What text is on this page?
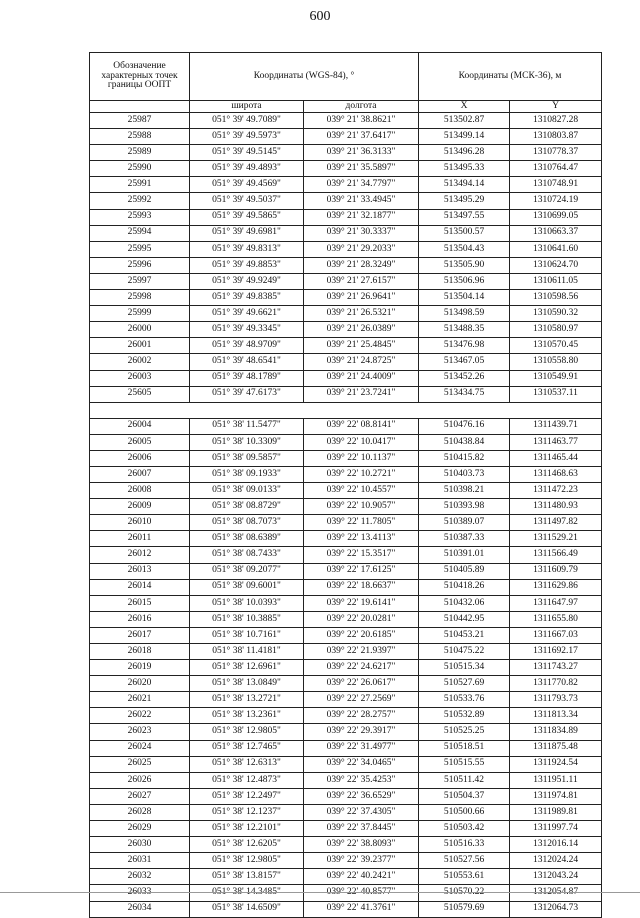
600
Обозначение характерных точек границы ООПТ	Координаты (WGS-84), °		Координаты (МСК-36), м	
	широта	долгота	X	Y
25987	051° 39' 49.7089"	039° 21' 38.8621"	513502.87	1310827.28
25988	051° 39' 49.5973"	039° 21' 37.6417"	513499.14	1310803.87
25989	051° 39' 49.5145"	039° 21' 36.3133"	513496.28	1310778.37
25990	051° 39' 49.4893"	039° 21' 35.5897"	513495.33	1310764.47
25991	051° 39' 49.4569"	039° 21' 34.7797"	513494.14	1310748.91
25992	051° 39' 49.5037"	039° 21' 33.4945"	513495.29	1310724.19
25993	051° 39' 49.5865"	039° 21' 32.1877"	513497.55	1310699.05
25994	051° 39' 49.6981"	039° 21' 30.3337"	513500.57	1310663.37
25995	051° 39' 49.8313"	039° 21' 29.2033"	513504.43	1310641.60
25996	051° 39' 49.8853"	039° 21' 28.3249"	513505.90	1310624.70
25997	051° 39' 49.9249"	039° 21' 27.6157"	513506.96	1310611.05
25998	051° 39' 49.8385"	039° 21' 26.9641"	513504.14	1310598.56
25999	051° 39' 49.6621"	039° 21' 26.5321"	513498.59	1310590.32
26000	051° 39' 49.3345"	039° 21' 26.0389"	513488.35	1310580.97
26001	051° 39' 48.9709"	039° 21' 25.4845"	513476.98	1310570.45
26002	051° 39' 48.6541"	039° 21' 24.8725"	513467.05	1310558.80
26003	051° 39' 48.1789"	039° 21' 24.4009"	513452.26	1310549.91
25605	051° 39' 47.6173"	039° 21' 23.7241"	513434.75	1310537.11

26004	051° 38' 11.5477"	039° 22' 08.8141"	510476.16	1311439.71
26005	051° 38' 10.3309"	039° 22' 10.0417"	510438.84	1311463.77
26006	051° 38' 09.5857"	039° 22' 10.1137"	510415.82	1311465.44
26007	051° 38' 09.1933"	039° 22' 10.2721"	510403.73	1311468.63
26008	051° 38' 09.0133"	039° 22' 10.4557"	510398.21	1311472.23
26009	051° 38' 08.8729"	039° 22' 10.9057"	510393.98	1311480.93
26010	051° 38' 08.7073"	039° 22' 11.7805"	510389.07	1311497.82
26011	051° 38' 08.6389"	039° 22' 13.4113"	510387.33	1311529.21
26012	051° 38' 08.7433"	039° 22' 15.3517"	510391.01	1311566.49
26013	051° 38' 09.2077"	039° 22' 17.6125"	510405.89	1311609.79
26014	051° 38' 09.6001"	039° 22' 18.6637"	510418.26	1311629.86
26015	051° 38' 10.0393"	039° 22' 19.6141"	510432.06	1311647.97
26016	051° 38' 10.3885"	039° 22' 20.0281"	510442.95	1311655.80
26017	051° 38' 10.7161"	039° 22' 20.6185"	510453.21	1311667.03
26018	051° 38' 11.4181"	039° 22' 21.9397"	510475.22	1311692.17
26019	051° 38' 12.6961"	039° 22' 24.6217"	510515.34	1311743.27
26020	051° 38' 13.0849"	039° 22' 26.0617"	510527.69	1311770.82
26021	051° 38' 13.2721"	039° 22' 27.2569"	510533.76	1311793.73
26022	051° 38' 13.2361"	039° 22' 28.2757"	510532.89	1311813.34
26023	051° 38' 12.9805"	039° 22' 29.3917"	510525.25	1311834.89
26024	051° 38' 12.7465"	039° 22' 31.4977"	510518.51	1311875.48
26025	051° 38' 12.6313"	039° 22' 34.0465"	510515.55	1311924.54
26026	051° 38' 12.4873"	039° 22' 35.4253"	510511.42	1311951.11
26027	051° 38' 12.2497"	039° 22' 36.6529"	510504.37	1311974.81
26028	051° 38' 12.1237"	039° 22' 37.4305"	510500.66	1311989.81
26029	051° 38' 12.2101"	039° 22' 37.8445"	510503.42	1311997.74
26030	051° 38' 12.6205"	039° 22' 38.8093"	510516.33	1312016.14
26031	051° 38' 12.9805"	039° 22' 39.2377"	510527.56	1312024.24
26032	051° 38' 13.8157"	039° 22' 40.2421"	510553.61	1312043.24
26033	051° 38' 14.3485"	039° 22' 40.8577"	510570.22	1312054.87
26034	051° 38' 14.6509"	039° 22' 41.3761"	510579.69	1312064.73
